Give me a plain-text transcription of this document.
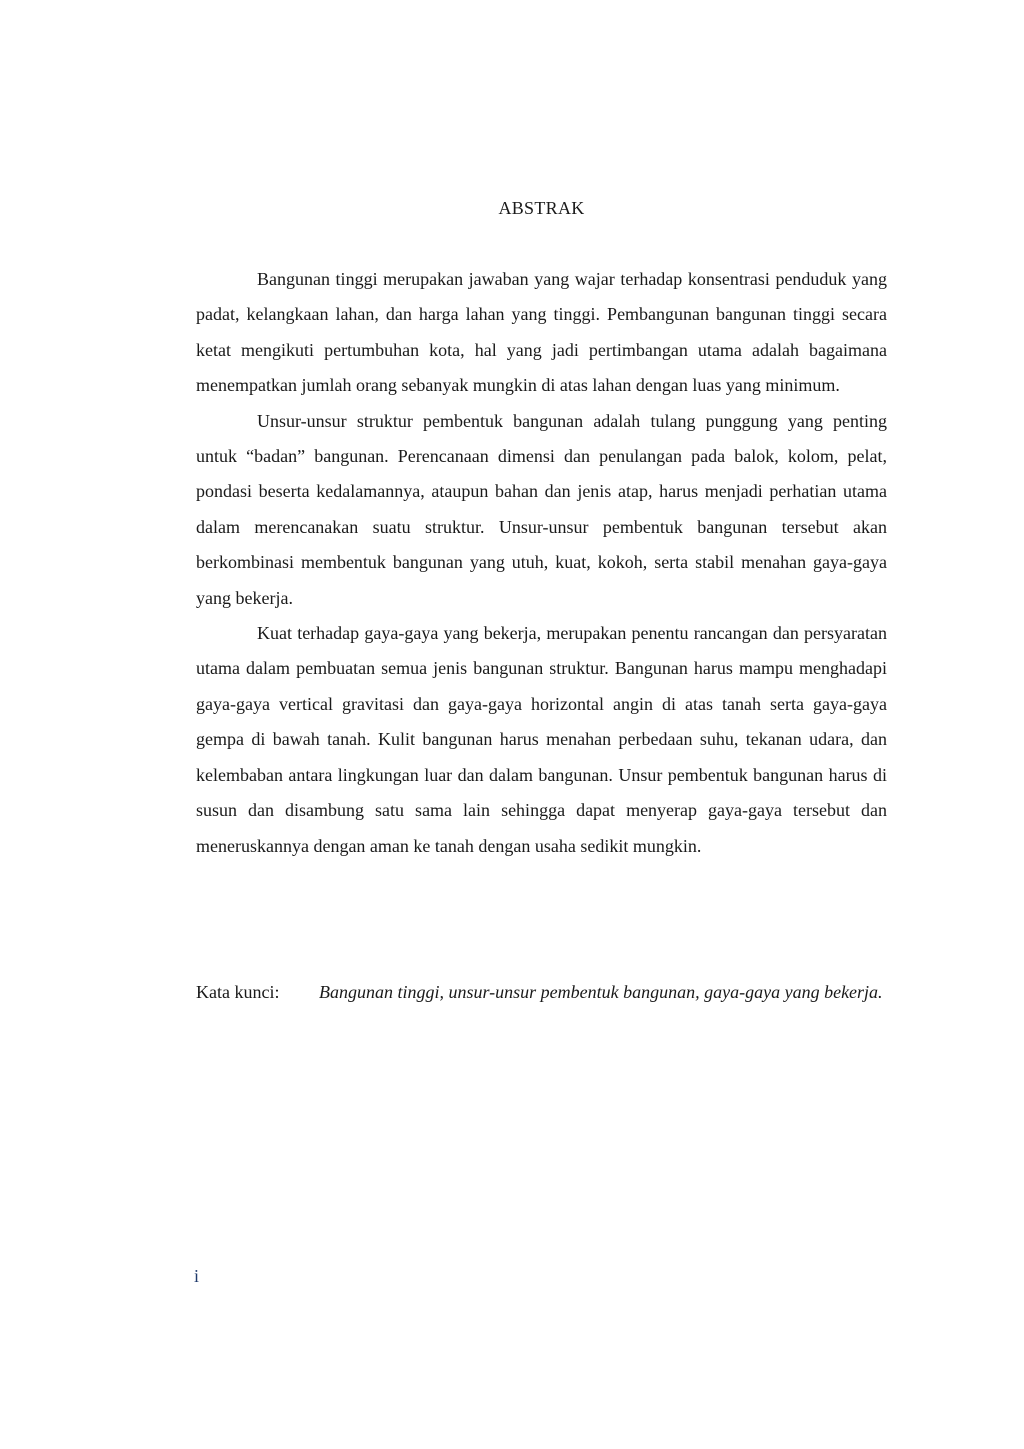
ABSTRAK

Bangunan tinggi merupakan jawaban yang wajar terhadap konsentrasi penduduk yang padat, kelangkaan lahan, dan harga lahan yang tinggi. Pembangunan bangunan tinggi secara ketat mengikuti pertumbuhan kota, hal yang jadi pertimbangan utama adalah bagaimana menempatkan jumlah orang sebanyak mungkin di atas lahan dengan luas yang minimum.

Unsur-unsur struktur pembentuk bangunan adalah tulang punggung yang penting untuk “badan” bangunan. Perencanaan dimensi dan penulangan pada balok, kolom, pelat, pondasi beserta kedalamannya, ataupun bahan dan jenis atap, harus menjadi perhatian utama dalam merencanakan suatu struktur. Unsur-unsur pembentuk bangunan tersebut akan berkombinasi membentuk bangunan yang utuh, kuat, kokoh, serta stabil menahan gaya-gaya yang bekerja.

Kuat terhadap gaya-gaya yang bekerja, merupakan penentu rancangan dan persyaratan utama dalam pembuatan semua jenis bangunan struktur. Bangunan harus mampu menghadapi gaya-gaya vertical gravitasi dan gaya-gaya horizontal angin di atas tanah serta gaya-gaya gempa di bawah tanah. Kulit bangunan harus menahan perbedaan suhu, tekanan udara, dan kelembaban antara lingkungan luar dan dalam bangunan. Unsur pembentuk bangunan harus di susun dan disambung satu sama lain sehingga dapat menyerap gaya-gaya tersebut dan meneruskannya dengan aman ke tanah dengan usaha sedikit mungkin.

Kata kunci: Bangunan tinggi, unsur-unsur pembentuk bangunan, gaya-gaya yang bekerja.
i
